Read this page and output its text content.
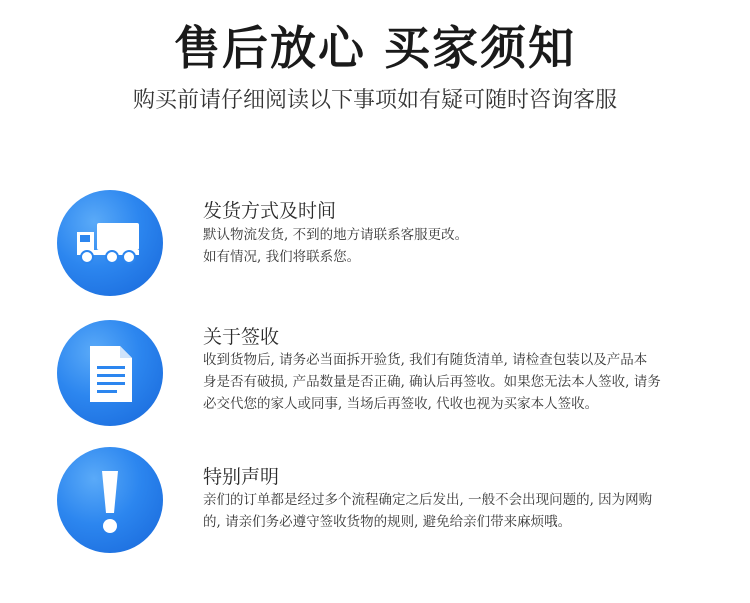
售后放心 买家须知
购买前请仔细阅读以下事项如有疑可随时咨询客服
发货方式及时间
默认物流发货, 不到的地方请联系客服更改。
如有情况, 我们将联系您。
关于签收
收到货物后, 请务必当面拆开验货, 我们有随货清单, 请检查包装以及产品本
身是否有破损, 产品数量是否正确, 确认后再签收。如果您无法本人签收, 请务
必交代您的家人或同事, 当场后再签收, 代收也视为买家本人签收。
特别声明
亲们的订单都是经过多个流程确定之后发出, 一般不会出现问题的, 因为网购
的, 请亲们务必遵守签收货物的规则, 避免给亲们带来麻烦哦。
